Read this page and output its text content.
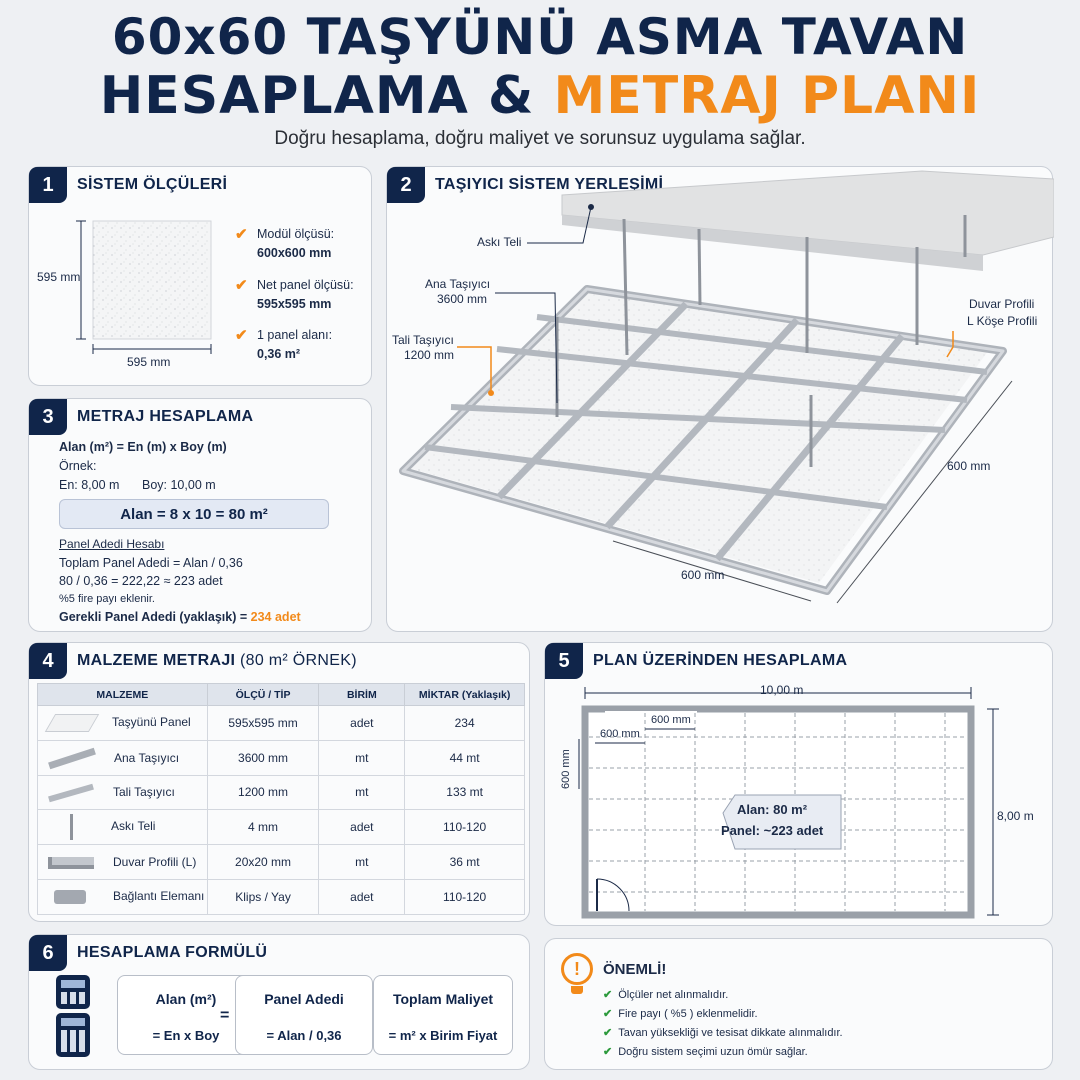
60x60 TAŞYÜNÜ ASMA TAVAN
HESAPLAMA & METRAJ PLANI
Doğru hesaplama, doğru maliyet ve sorunsuz uygulama sağlar.
1	SİSTEM ÖLÇÜLERİ
595 mm
595 mm
✔ Modül ölçüsü:
600x600 mm
✔ Net panel ölçüsü:
595x595 mm
✔ 1 panel alanı:
0,36 m²
2	TAŞIYICI SİSTEM YERLEŞİMİ
Askı Teli
Ana Taşıyıcı
3600 mm
Tali Taşıyıcı
1200 mm
Duvar Profili
L Köşe Profili
600 mm
600 mm
3	METRAJ HESAPLAMA
Alan (m²) = En (m) x Boy (m)
Örnek:
En: 8,00 m Boy: 10,00 m
Alan = 8 x 10 = 80 m²
Panel Adedi Hesabı
Toplam Panel Adedi = Alan / 0,36
80 / 0,36 = 222,22 ≈ 223 adet
%5 fire payı eklenir.
Gerekli Panel Adedi (yaklaşık) = 234 adet
4	MALZEME METRAJI (80 m² ÖRNEK)
MALZEME	ÖLÇÜ / TİP	BİRİM	MİKTAR (Yaklaşık)
Taşyünü Panel	595x595 mm	adet	234
Ana Taşıyıcı	3600 mm	mt	44 mt
Tali Taşıyıcı	1200 mm	mt	133 mt
Askı Teli	4 mm	adet	110-120
Duvar Profili (L)	20x20 mm	mt	36 mt
Bağlantı Elemanı	Klips / Yay	adet	110-120
5	PLAN ÜZERİNDEN HESAPLAMA
10,00 m
8,00 m
600 mm
600 mm
600 mm
Alan: 80 m²
Panel: ~223 adet
6	HESAPLAMA FORMÜLÜ
Alan (m²)
= En x Boy
=
Panel Adedi
= Alan / 0,36
Toplam Maliyet
= m² x Birim Fiyat
!	ÖNEMLİ!
✔ Ölçüler net alınmalıdır.
✔ Fire payı ( %5 ) eklenmelidir.
✔ Tavan yüksekliği ve tesisat dikkate alınmalıdır.
✔ Doğru sistem seçimi uzun ömür sağlar.
